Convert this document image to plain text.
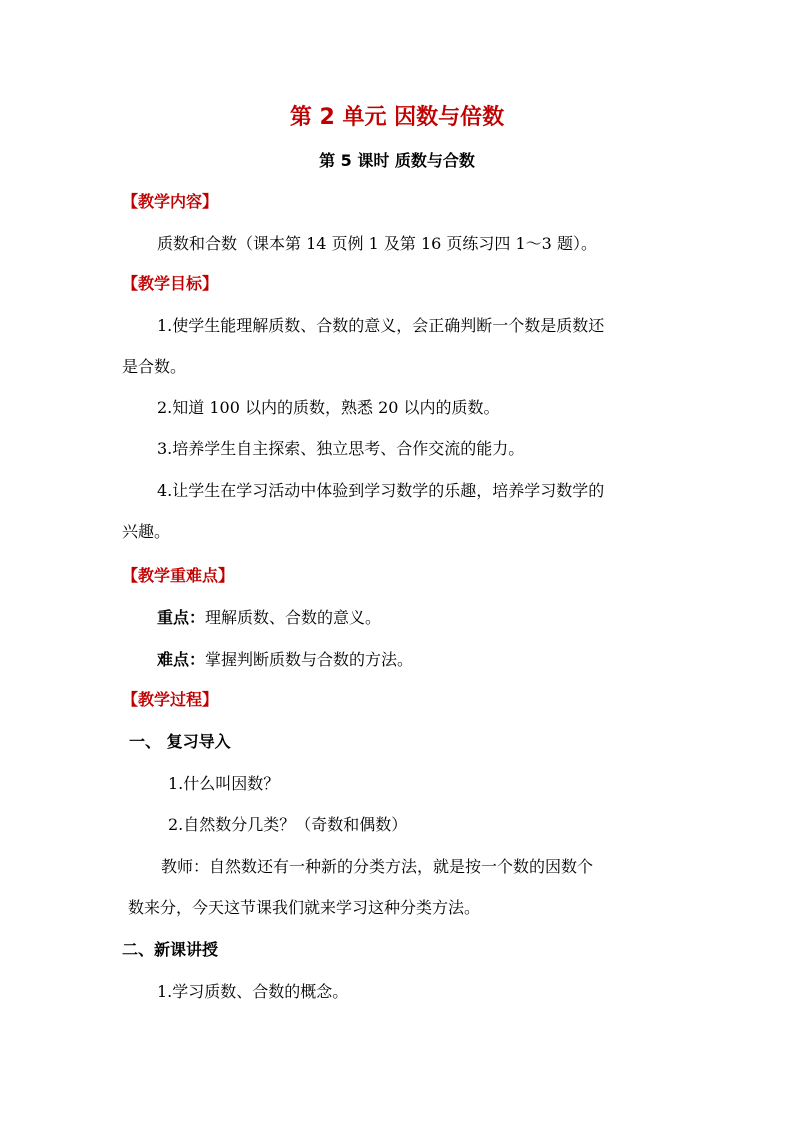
第 2 单元 因数与倍数
第 5 课时 质数与合数
【教学内容】
质数和合数（课本第 14 页例 1 及第 16 页练习四 1～3 题）。
【教学目标】
1.使学生能理解质数、合数的意义，会正确判断一个数是质数还
是合数。
2.知道 100 以内的质数，熟悉 20 以内的质数。
3.培养学生自主探索、独立思考、合作交流的能力。
4.让学生在学习活动中体验到学习数学的乐趣，培养学习数学的
兴趣。
【教学重难点】
重点：理解质数、合数的意义。
难点：掌握判断质数与合数的方法。
【教学过程】
一、 复习导入
1.什么叫因数？
2.自然数分几类？（奇数和偶数）
教师：自然数还有一种新的分类方法，就是按一个数的因数个
数来分，今天这节课我们就来学习这种分类方法。
二、新课讲授
1.学习质数、合数的概念。
